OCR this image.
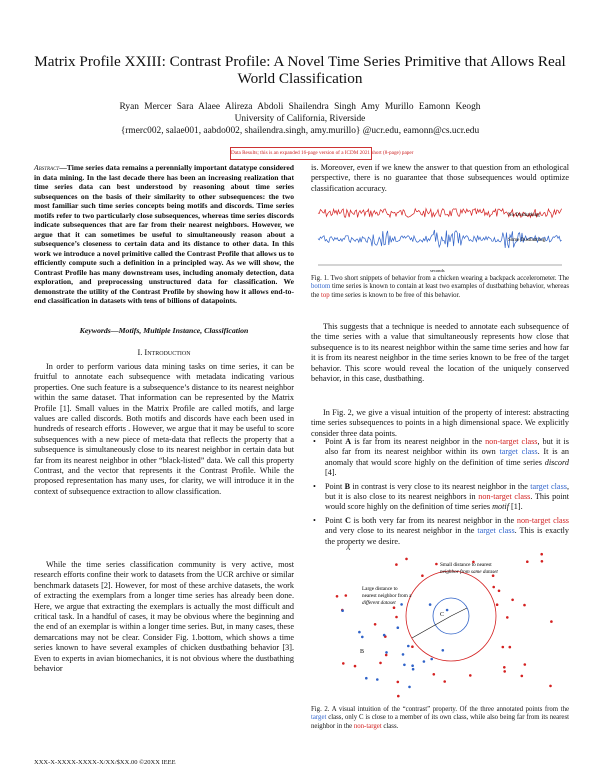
Matrix Profile XXIII: Contrast Profile: A Novel Time Series Primitive that Allows Real World Classification
Ryan Mercer Sara Alaee Alireza Abdoli Shailendra Singh Amy Murillo Eamonn Keogh
University of California, Riverside
{rmerc002, salae001, aabdo002, shailendra.singh, amy.murillo} @ucr.edu, eamonn@cs.ucr.edu
Data Results; this is an expanded 16-page version of a ICDM 2021 short (8-page) paper
Abstract—Time series data remains a perennially important datatype considered in data mining. In the last decade there has been an increasing realization that time series data can best understood by reasoning about time series subsequences on the basis of their similarity to other subsequences: the two most familiar such time series concepts being motifs and discords. Time series motifs refer to two particularly close subsequences, whereas time series discords indicate subsequences that are far from their nearest neighbors. However, we argue that it can sometimes be useful to simultaneously reason about a subsequence’s closeness to certain data and its distance to other data. In this work we introduce a novel primitive called the Contrast Profile that allows us to efficiently compute such a definition in a principled way. As we will show, the Contrast Profile has many downstream uses, including anomaly detection, data exploration, and preprocessing unstructured data for classification. We demonstrate the utility of the Contrast Profile by showing how it allows end-to-end classification in datasets with tens of billions of datapoints.
Keywords—Motifs, Multiple Instance, Classification
I. Introduction

In order to perform various data mining tasks on time series, it can be fruitful to annotate each subsequence with metadata indicating various properties. One such feature is a subsequence’s distance to its nearest neighbor within the same dataset. That information can be represented by the Matrix Profile [1]. Small values in the Matrix Profile are called motifs, and large values are called discords. Both motifs and discords have each been used in hundreds of research efforts . However, we argue that it may be useful to score subsequences with a new piece of meta-data that reflects the property that a subsequence is simultaneously close to its nearest neighbor in certain data but far from its nearest neighbor in other “black-listed” data. We call this property Contrast, and the vector that represents it the Contrast Profile. While the proposed representation has many uses, for clarity, we will introduce it in the context of subsequence extraction to allow classification.

While the time series classification community is very active, most research efforts confine their work to datasets from the UCR archive or similar benchmark datasets [2]. However, for most of these archive datasets, the work of extracting the exemplars from a longer time series has already been done. Here, we argue that extracting the exemplars is actually the most difficult and critical task. In a handful of cases, it may be obvious where the beginning and the end of an exemplar is within a longer time series. But, in many cases, these demarcations may not be clear. Consider Fig. 1.bottom, which shows a time series known to have several examples of chicken dustbathing behavior [3]. Even to experts in avian biomechanics, it is not obvious where the dustbathing behavior

is. Moreover, even if we knew the answer to that question from an ethological perspective, there is no guarantee that those subsequences would optimize classification accuracy.
No Dustbathing
Some Dustbathing
seconds
Fig. 1. Two short snippets of behavior from a chicken wearing a backpack accelerometer. The bottom time series is known to contain at least two examples of dustbathing behavior, whereas the top time series is known to be free of this behavior.

This suggests that a technique is needed to annotate each subsequence of the time series with a value that simultaneously represents how close that subsequence is to its nearest neighbor within the same time series and how far it is from its nearest neighbor in the time series known to be free of the target behavior. This score would reveal the location of the uniquely conserved behavior, in this case, dustbathing.

In Fig. 2, we give a visual intuition of the property of interest: abstracting time series subsequences to points in a high dimensional space. We explicitly consider three data points.

• Point A is far from its nearest neighbor in the non-target class, but it is also far from its nearest neighbor within its own target class. It is an anomaly that would score highly on the definition of time series discord [4].
• Point B in contrast is very close to its nearest neighbor in the target class, but it is also close to its nearest neighbors in non-target class. This point would score highly on the definition of time series motif [1].
• Point C is both very far from its nearest neighbor in the non-target class and very close to its nearest neighbor in the target class. This is exactly the property we desire.
A
B
C
Small distance to nearest
neighbor from same dataset
Large distance to
nearest neighbor from a
different dataset
Fig. 2. A visual intuition of the “contrast” property. Of the three annotated points from the target class, only C is close to a member of its own class, while also being far from its nearest neighbor in the non-target class.
XXX-X-XXXX-XXXX-X/XX/$XX.00 ©20XX IEEE
